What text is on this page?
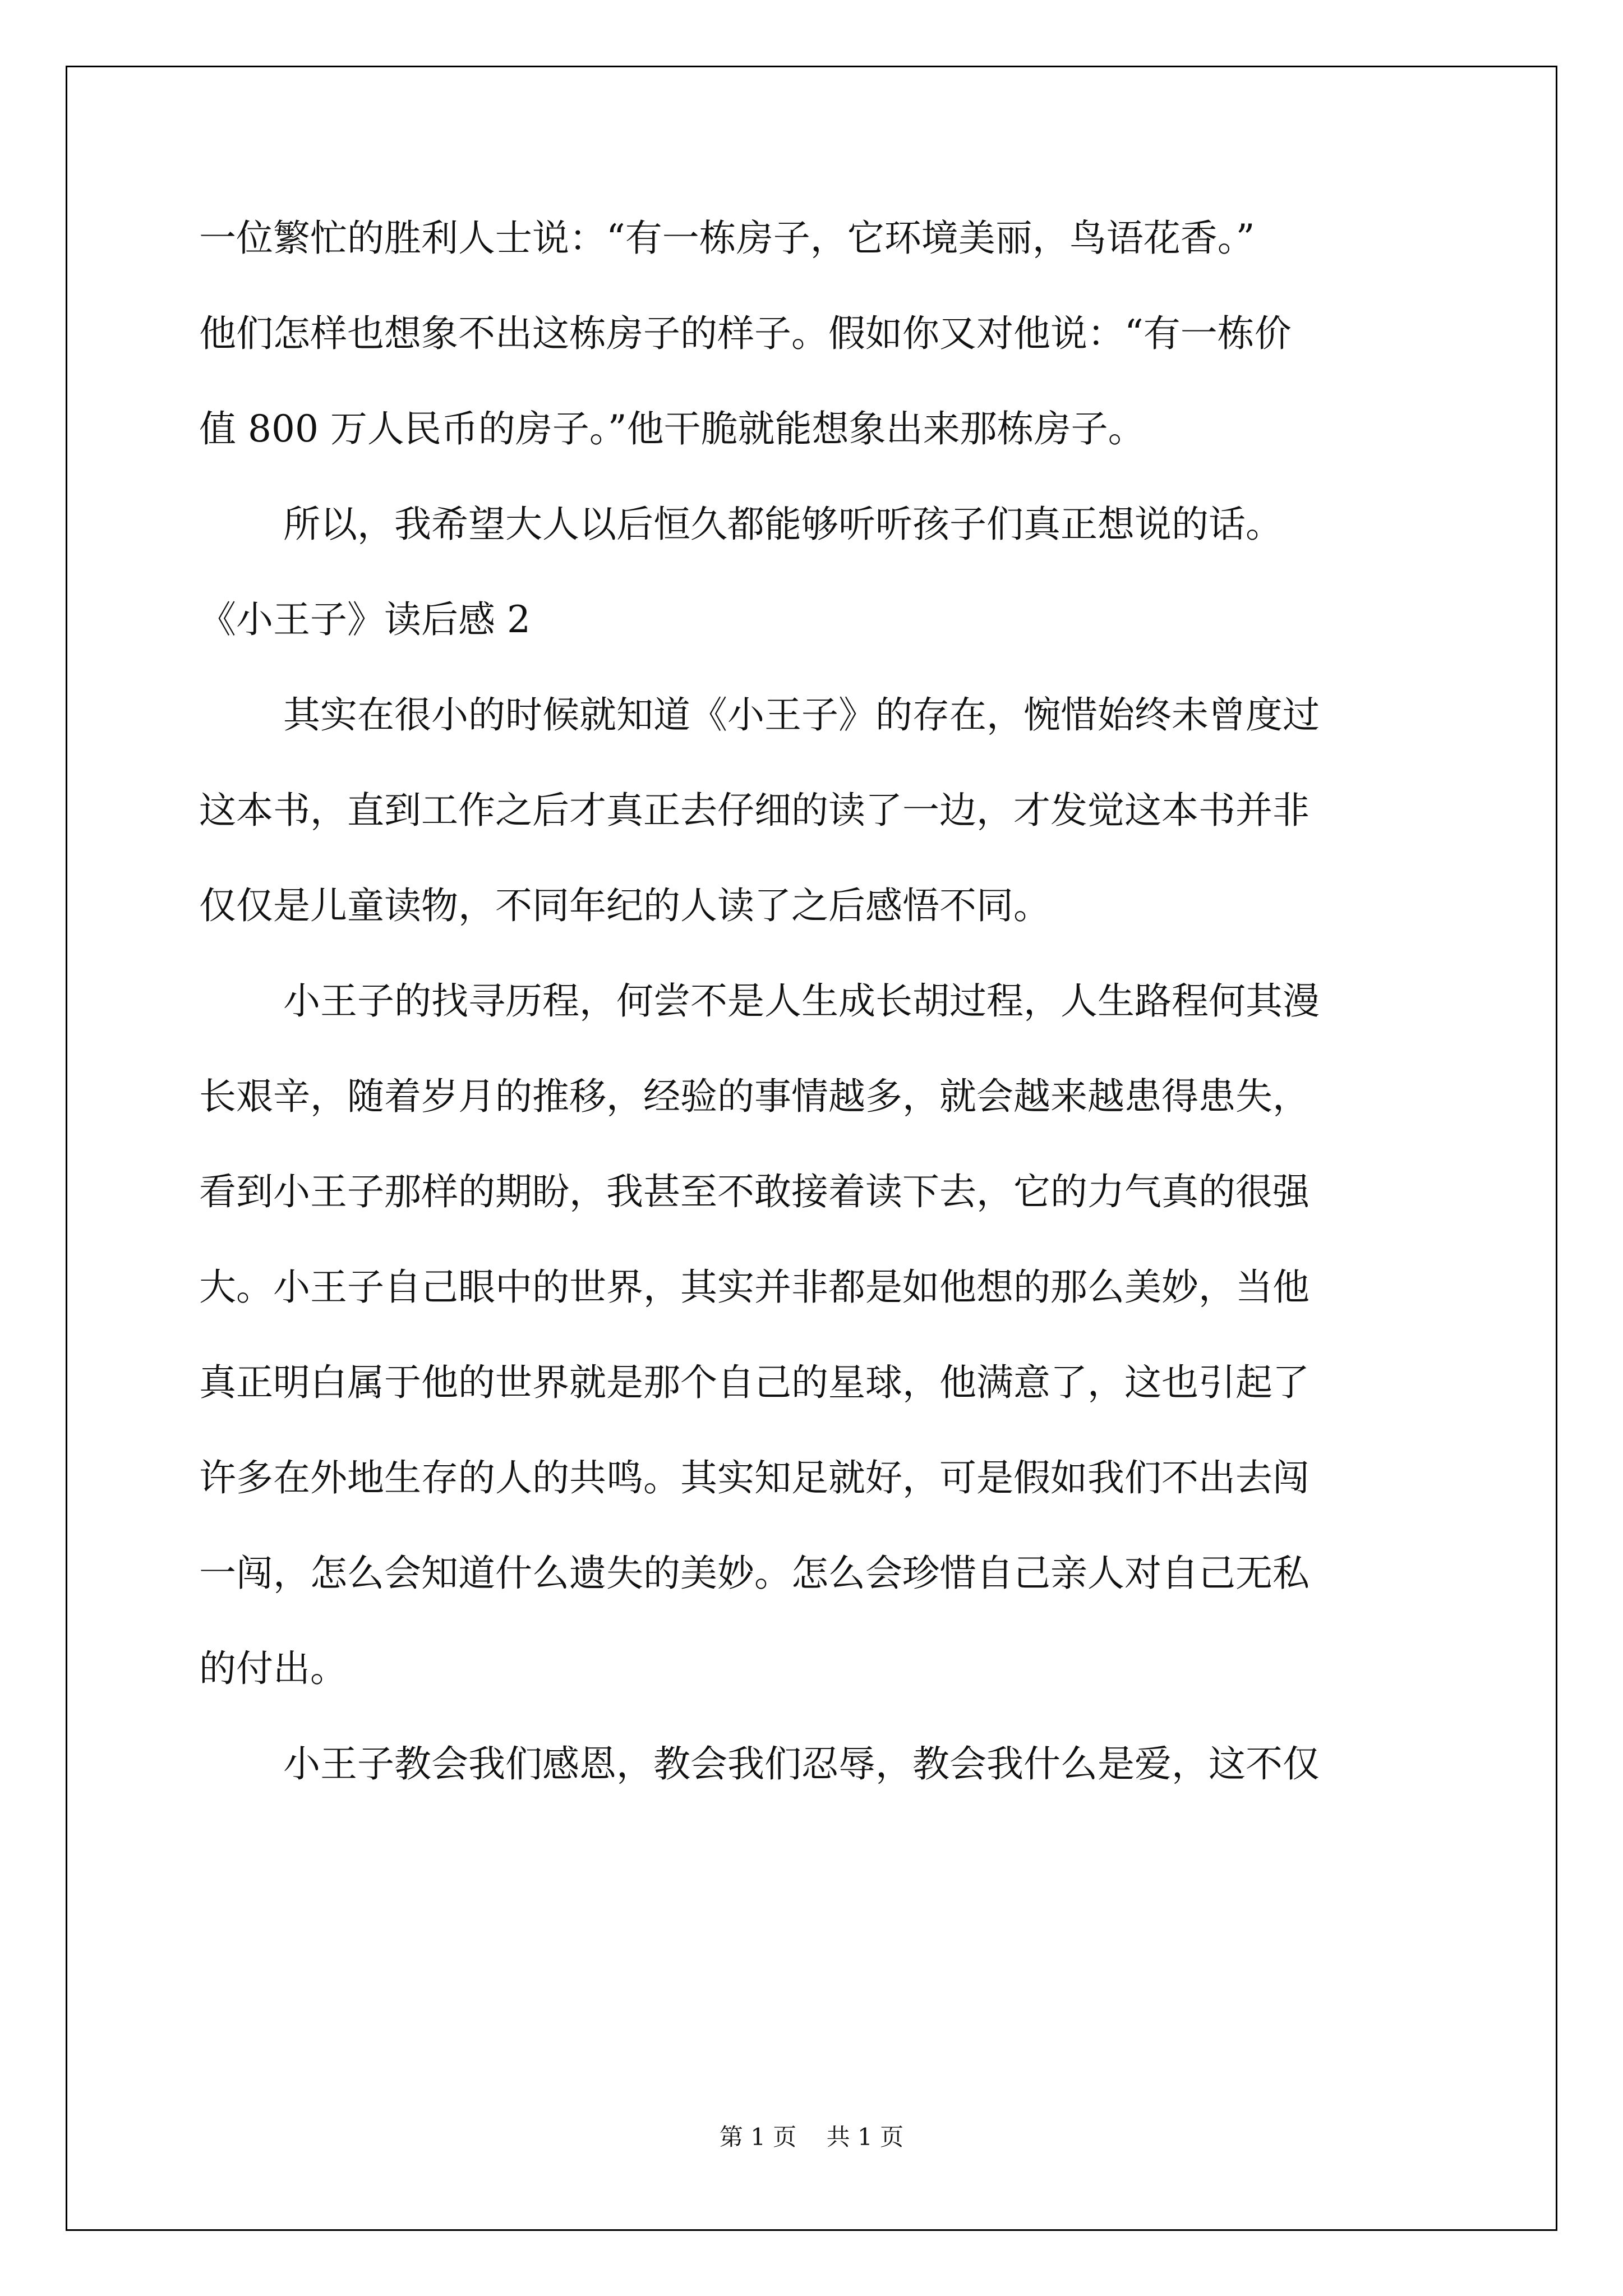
一位繁忙的胜利人士说：“有一栋房子，它环境美丽，鸟语花香。”
他们怎样也想象不出这栋房子的样子。假如你又对他说：“有一栋价
值 800 万人民币的房子。”他干脆就能想象出来那栋房子。
所以，我希望大人以后恒久都能够听听孩子们真正想说的话。
《小王子》读后感 2
其实在很小的时候就知道《小王子》的存在，惋惜始终未曾度过
这本书，直到工作之后才真正去仔细的读了一边，才发觉这本书并非
仅仅是儿童读物，不同年纪的人读了之后感悟不同。
小王子的找寻历程，何尝不是人生成长胡过程，人生路程何其漫
长艰辛，随着岁月的推移，经验的事情越多，就会越来越患得患失，
看到小王子那样的期盼，我甚至不敢接着读下去，它的力气真的很强
大。小王子自己眼中的世界，其实并非都是如他想的那么美妙，当他
真正明白属于他的世界就是那个自己的星球，他满意了，这也引起了
许多在外地生存的人的共鸣。其实知足就好，可是假如我们不出去闯
一闯，怎么会知道什么遗失的美妙。怎么会珍惜自己亲人对自己无私
的付出。
小王子教会我们感恩，教会我们忍辱，教会我什么是爱，这不仅
第 1 页 共 1 页
